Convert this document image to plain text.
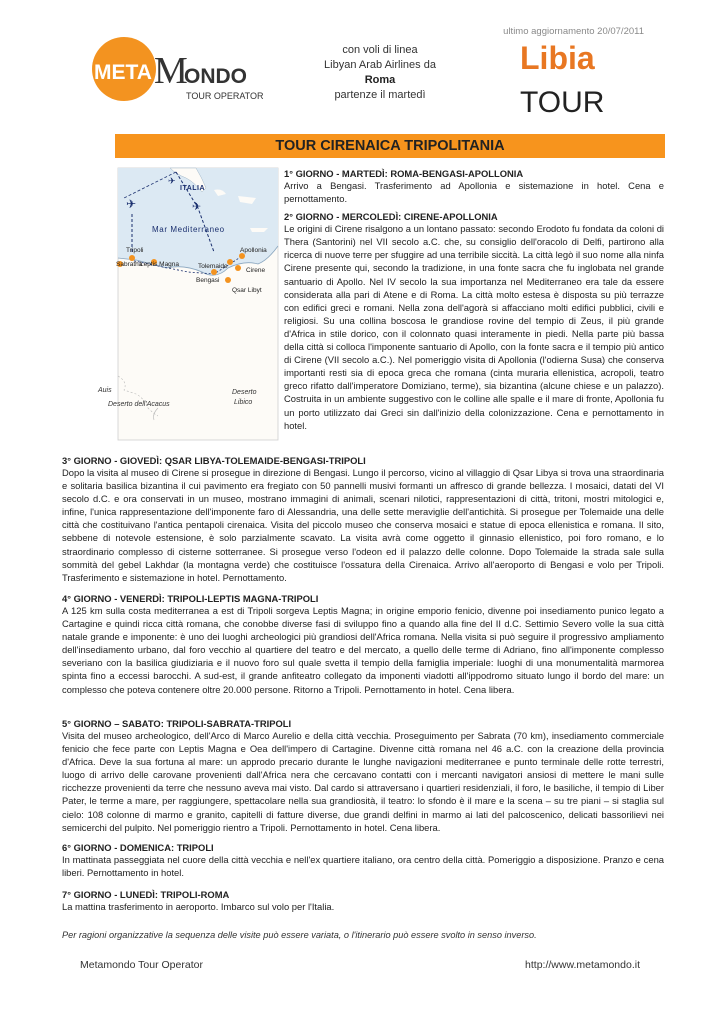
ultimo aggiornamento 20/07/2011
META M
ONDO
TOUR OPERATOR
con voli di linea
Libyan Arab Airlines da
Roma
partenze il martedì
Libia
TOUR
TOUR CIRENAICA TRIPOLITANIA
✈	✈
✈
ITALIA
Mar Mediterraneo
Tripoli
Sabratha
Leptis Magna
Apollonia
Tolemaide
Bengasi
Cirene
Qsar Libyt
Auis
Deserto dell'Acacus
Deserto
Libico

1° GIORNO - MARTEDÌ: ROMA-BENGASI-APOLLONIA

Arrivo a Bengasi. Trasferimento ad Apollonia e sistemazione in hotel. Cena e pernottamento.

2° GIORNO - MERCOLEDÌ: CIRENE-APOLLONIA

Le origini di Cirene risalgono a un lontano passato: secondo Erodoto fu fondata da coloni di Thera (Santorini) nel VII secolo a.C. che, su consiglio dell'oracolo di Delfi, partirono alla ricerca di nuove terre per sfuggire ad una terribile siccità. La città legò il suo nome alla ninfa Cirene presente qui, secondo la tradizione, in una fonte sacra che fu inglobata nel grande santuario di Apollo. Nel IV secolo la sua importanza nel Mediterraneo era tale da essere considerata alla pari di Atene e di Roma. La città molto estesa è disposta su più terrazze con edifici greci e romani. Nella zona dell'agorà si affacciano molti edifici pubblici, civili e religiosi. Su una collina boscosa le grandiose rovine del tempio di Zeus, il più grande d'Africa in stile dorico, con il colonnato quasi interamente in piedi. Nella parte più bassa della città si colloca l'imponente santuario di Apollo, con la fonte sacra e il tempio più antico di Cirene (VII secolo a.C.). Nel pomeriggio visita di Apollonia (l'odierna Susa) che conserva importanti resti sia di epoca greca che romana (cinta muraria ellenistica, acropoli, teatro greco rifatto dall'imperatore Domiziano, terme), sia bizantina (alcune chiese e un palazzo). Costruita in un ambiente suggestivo con le colline alle spalle e il mare di fronte, Apollonia fu un porto utilizzato dai Greci sin dall'inizio della colonizzazione. Cena e pernottamento in hotel.

3° GIORNO - GIOVEDÌ: QSAR LIBYA-TOLEMAIDE-BENGASI-TRIPOLI

Dopo la visita al museo di Cirene si prosegue in direzione di Bengasi. Lungo il percorso, vicino al villaggio di Qsar Libya si trova una straordinaria e solitaria basilica bizantina il cui pavimento era fregiato con 50 pannelli musivi formanti un affresco di grande bellezza. I mosaici, datati del VI secolo d.C. e ora conservati in un museo, mostrano immagini di animali, scenari nilotici, rappresentazioni di città, tritoni, mostri mitologici e, infine, l'unica rappresentazione dell'imponente faro di Alessandria, una delle sette meraviglie dell'antichità. Si prosegue per Tolemaide una delle città che costituivano l'antica pentapoli cirenaica. Visita del piccolo museo che conserva mosaici e statue di epoca ellenistica e romana. Il sito, sebbene di notevole estensione, è solo parzialmente scavato. La visita avrà come oggetto il ginnasio ellenistico, poi foro romano, e lo straordinario complesso di cisterne sotterranee. Si prosegue verso l'odeon ed il palazzo delle colonne. Dopo Tolemaide la strada sale sulla sommità del gebel Lakhdar (la montagna verde) che costituisce l'ossatura della Cirenaica. Arrivo all'aeroporto di Bengasi e volo per Tripoli. Trasferimento e sistemazione in hotel. Pernottamento.

4° GIORNO - VENERDÌ: TRIPOLI-LEPTIS MAGNA-TRIPOLI

A 125 km sulla costa mediterranea a est di Tripoli sorgeva Leptis Magna; in origine emporio fenicio, divenne poi insediamento punico legato a Cartagine e quindi ricca città romana, che conobbe diverse fasi di sviluppo fino a quando alla fine del II d.C. Settimio Severo volle la sua città natale grande e imponente: è uno dei luoghi archeologici più grandiosi dell'Africa romana. Nella visita si può seguire il progressivo ampliamento dell'insediamento urbano, dal foro vecchio al quartiere del teatro e del mercato, a quello delle terme di Adriano, fino all'imponente complesso severiano con la basilica giudiziaria e il nuovo foro sul quale svetta il tempio della famiglia imperiale: luoghi di una monumentalità marmorea spinta fino a eccessi barocchi. A sud-est, il grande anfiteatro collegato da imponenti viadotti all'ippodromo situato lungo il bordo del mare: un complesso che poteva contenere oltre 20.000 persone. Ritorno a Tripoli. Pernottamento in hotel. Cena libera.

5° GIORNO – SABATO: TRIPOLI-SABRATA-TRIPOLI

Visita del museo archeologico, dell'Arco di Marco Aurelio e della città vecchia. Proseguimento per Sabrata (70 km), insediamento commerciale fenicio che fece parte con Leptis Magna e Oea dell'impero di Cartagine. Divenne città romana nel 46 a.C. con la creazione della provincia d'Africa. Deve la sua fortuna al mare: un approdo precario durante le lunghe navigazioni mediterranee e punto terminale delle rotte terrestri, luogo di arrivo delle carovane provenienti dall'Africa nera che cercavano contatti con i mercanti navigatori ansiosi di mettere le mani sulle ricchezze provenienti da terre che nessuno aveva mai visto. Dal cardo si attraversano i quartieri residenziali, il foro, le basiliche, il tempio di Liber Pater, le terme a mare, per raggiungere, spettacolare nella sua grandiosità, il teatro: lo sfondo è il mare e la scena – su tre piani – si staglia sul cielo: 108 colonne di marmo e granito, capitelli di fatture diverse, due grandi delfini in marmo ai lati del palcoscenico, delicati bassorilievi nei semicerchi del pulpito. Nel pomeriggio rientro a Tripoli. Pernottamento in hotel. Cena libera.

6° GIORNO - DOMENICA: TRIPOLI

In mattinata passeggiata nel cuore della città vecchia e nell'ex quartiere italiano, ora centro della città. Pomeriggio a disposizione. Pranzo e cena liberi. Pernottamento in hotel.

7° GIORNO - LUNEDÌ: TRIPOLI-ROMA

La mattina trasferimento in aeroporto. Imbarco sul volo per l'Italia.

Per ragioni organizzative la sequenza delle visite può essere variata, o l'itinerario può essere svolto in senso inverso.
Metamondo Tour Operator	http://www.metamondo.it
